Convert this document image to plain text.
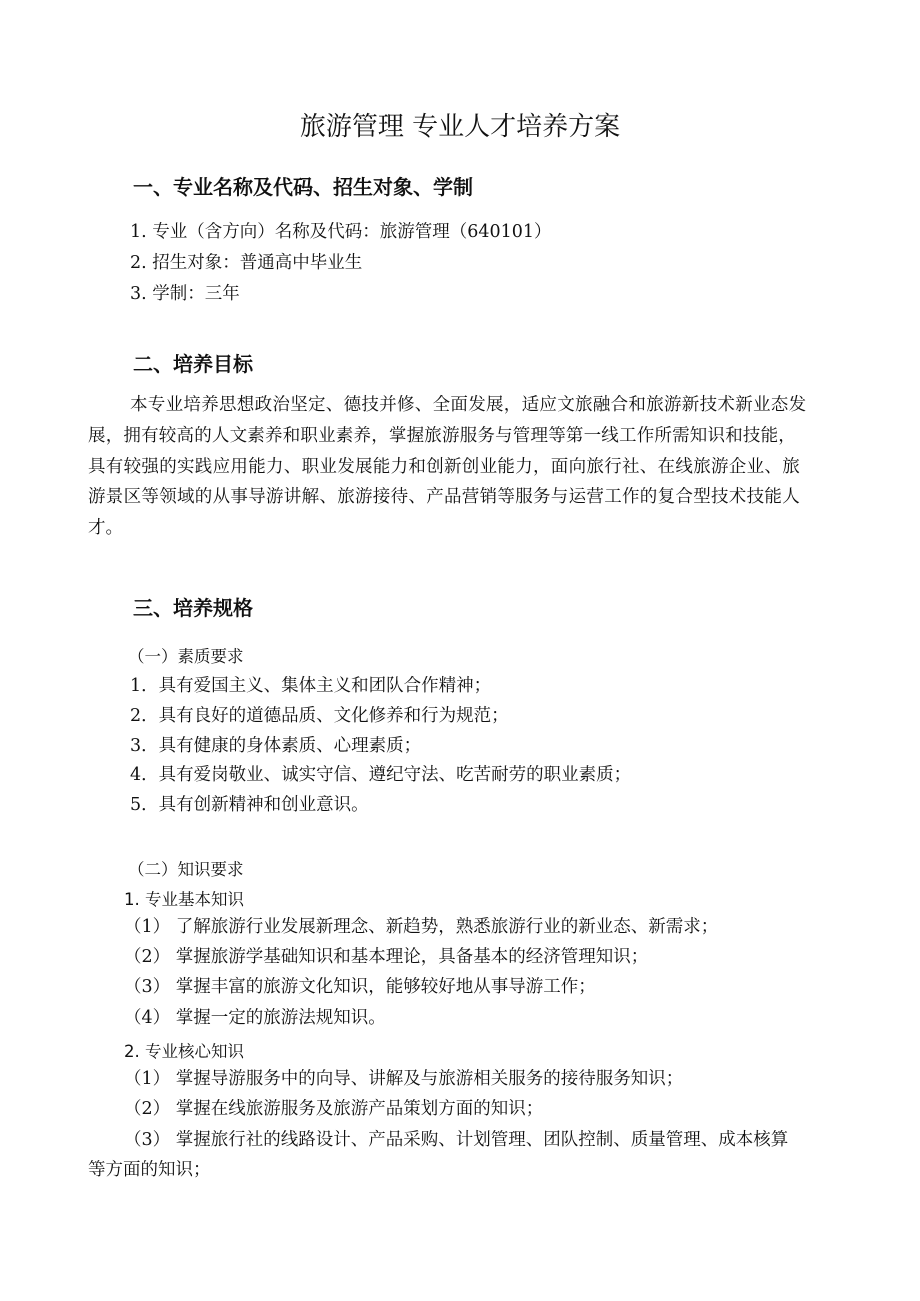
旅游管理 专业人才培养方案
一、专业名称及代码、招生对象、学制
1. 专业（含方向）名称及代码：旅游管理（640101）
2. 招生对象：普通高中毕业生
3. 学制：三年
二、培养目标
本专业培养思想政治坚定、德技并修、全面发展，适应文旅融合和旅游新技术新业态发
展，拥有较高的人文素养和职业素养，掌握旅游服务与管理等第一线工作所需知识和技能，
具有较强的实践应用能力、职业发展能力和创新创业能力，面向旅行社、在线旅游企业、旅
游景区等领域的从事导游讲解、旅游接待、产品营销等服务与运营工作的复合型技术技能人
才。
三、培养规格
（一）素质要求
1．具有爱国主义、集体主义和团队合作精神；
2．具有良好的道德品质、文化修养和行为规范；
3．具有健康的身体素质、心理素质；
4．具有爱岗敬业、诚实守信、遵纪守法、吃苦耐劳的职业素质；
5．具有创新精神和创业意识。
（二）知识要求
1. 专业基本知识
（1） 了解旅游行业发展新理念、新趋势，熟悉旅游行业的新业态、新需求；
（2） 掌握旅游学基础知识和基本理论，具备基本的经济管理知识；
（3） 掌握丰富的旅游文化知识，能够较好地从事导游工作；
（4） 掌握一定的旅游法规知识。
2. 专业核心知识
（1） 掌握导游服务中的向导、讲解及与旅游相关服务的接待服务知识；
（2） 掌握在线旅游服务及旅游产品策划方面的知识；
（3） 掌握旅行社的线路设计、产品采购、计划管理、团队控制、质量管理、成本核算
等方面的知识；
